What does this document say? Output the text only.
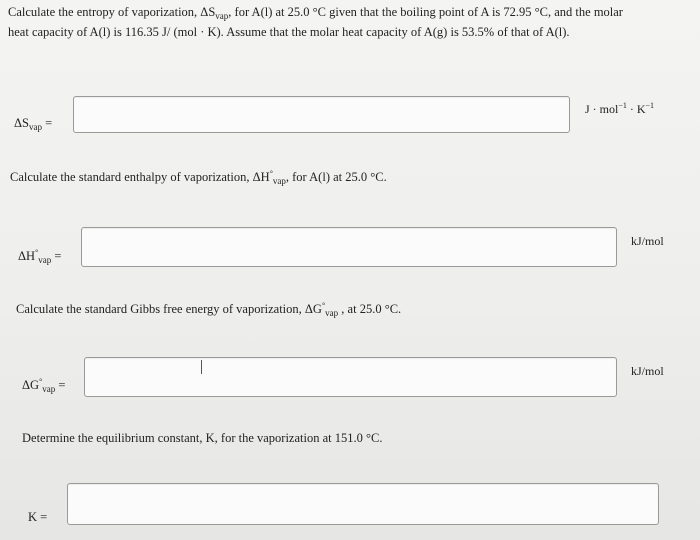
Calculate the entropy of vaporization, $\Delta S_{vap}$, for A(l) at 25.0 °C given that the boiling point of A is 72.95 °C, and the molar
heat capacity of A(l) is 116.35 J/ (mol · K). Assume that the molar heat capacity of A(g) is 53.5% of that of A(l).
$\Delta S_{vap}$ =
$J \cdot mol^{-1} \cdot K^{-1}$
Calculate the standard enthalpy of vaporization, $\Delta H^\circ_{vap}$, for A(l) at 25.0 °C.
$\Delta H^\circ_{vap}$ =
kJ/mol
Calculate the standard Gibbs free energy of vaporization, $\Delta G^\circ_{vap}$ , at 25.0 °C.
$\Delta G^\circ_{vap}$ =
kJ/mol
Determine the equilibrium constant, K, for the vaporization at 151.0 °C.
K =
